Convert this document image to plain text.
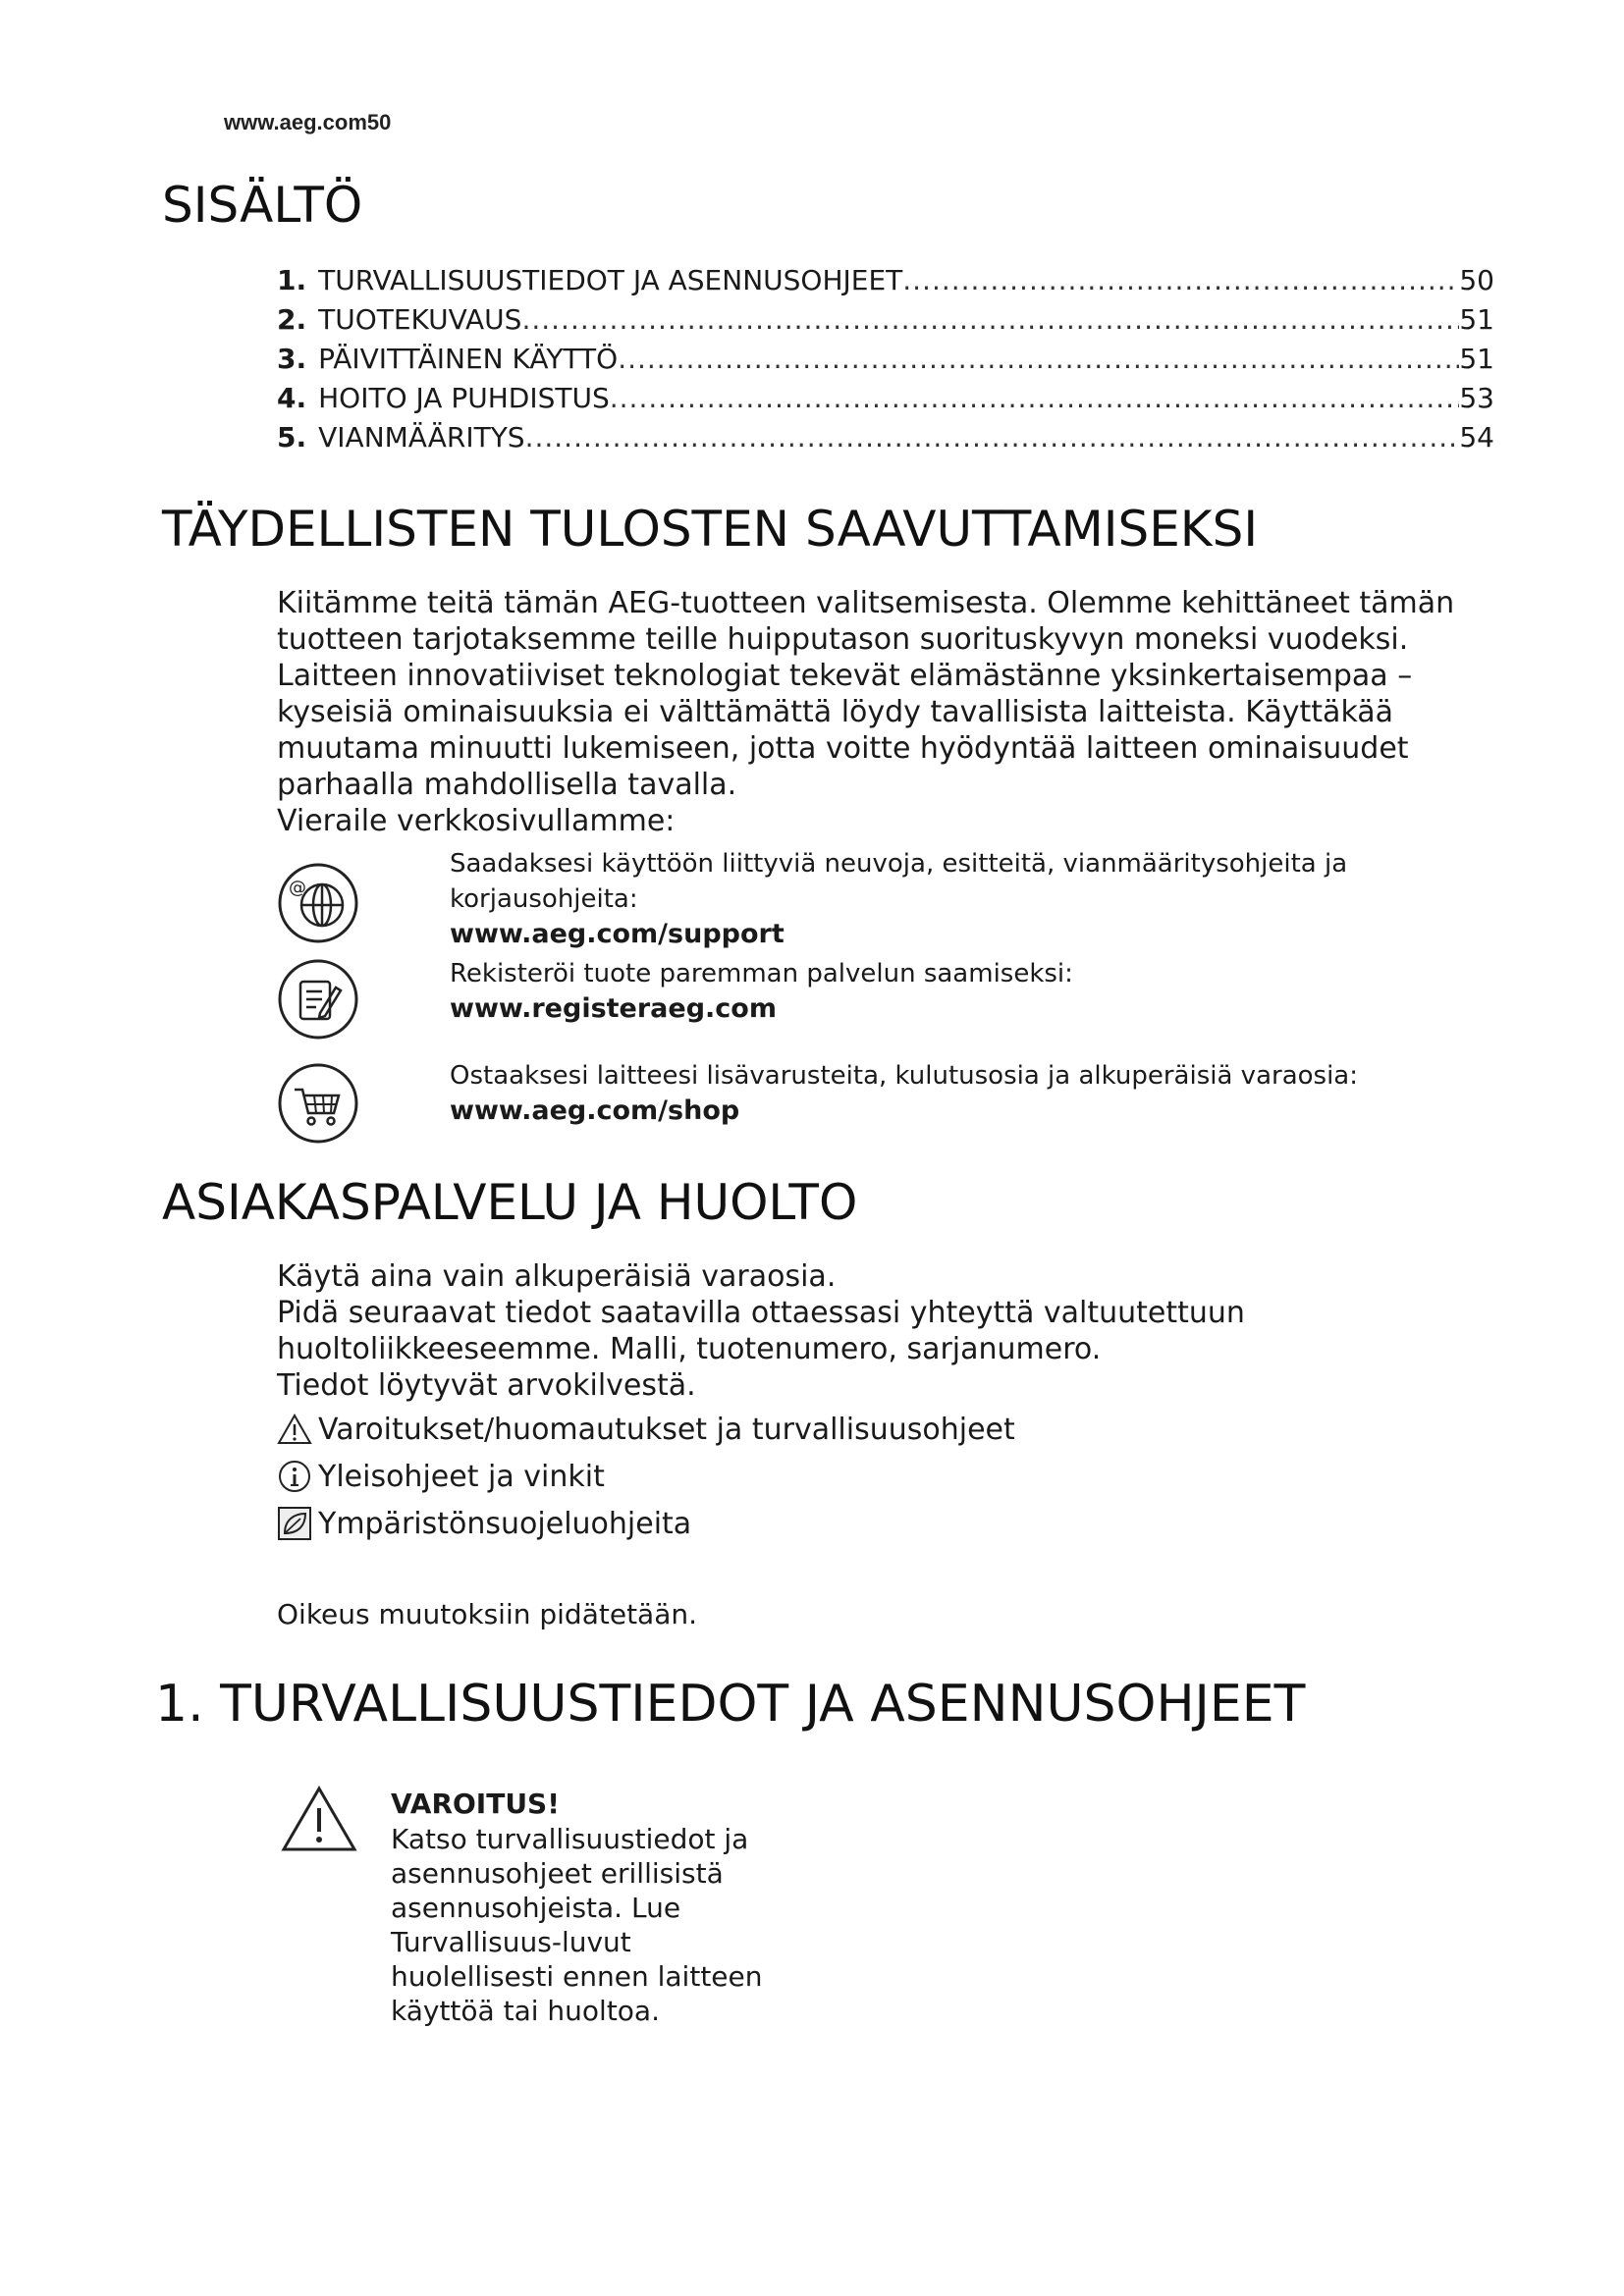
www.aeg.com50
SISÄLTÖ
1. TURVALLISUUSTIEDOT JA ASENNUSOHJEET .....	50
2. TUOTEKUVAUS .....	51
3. PÄIVITTÄINEN KÄYTTÖ .....	51
4. HOITO JA PUHDISTUS .....	53
5. VIANMÄÄRITYS .....	54
TÄYDELLISTEN TULOSTEN SAAVUTTAMISEKSI

Kiitämme teitä tämän AEG-tuotteen valitsemisesta. Olemme kehittäneet tämän

tuotteen tarjotaksemme teille huipputason suorituskyvyn moneksi vuodeksi.

Laitteen innovatiiviset teknologiat tekevät elämästänne yksinkertaisempaa –

kyseisiä ominaisuuksia ei välttämättä löydy tavallisista laitteista. Käyttäkää

muutama minuutti lukemiseen, jotta voitte hyödyntää laitteen ominaisuudet

parhaalla mahdollisella tavalla.

Vieraile verkkosivullamme:

@
Saadaksesi käyttöön liittyviä neuvoja, esitteitä, vianmääritysohjeita ja
korjausohjeita:
www.aeg.com/support
Rekisteröi tuote paremman palvelun saamiseksi:
www.registeraeg.com
Ostaaksesi laitteesi lisävarusteita, kulutusosia ja alkuperäisiä varaosia:
www.aeg.com/shop
ASIAKASPALVELU JA HUOLTO
Käytä aina vain alkuperäisiä varaosia.
Pidä seuraavat tiedot saatavilla ottaessasi yhteyttä valtuutettuun
huoltoliikkeeseemme. Malli, tuotenumero, sarjanumero.
Tiedot löytyvät arvokilvestä.
Varoitukset/huomautukset ja turvallisuusohjeet
Yleisohjeet ja vinkit
Ympäristönsuojeluohjeita
Oikeus muutoksiin pidätetään.
1. TURVALLISUUSTIEDOT JA ASENNUSOHJEET
VAROITUS!
Katso turvallisuustiedot ja
asennusohjeet erillisistä
asennusohjeista. Lue
Turvallisuus-luvut
huolellisesti ennen laitteen
käyttöä tai huoltoa.
